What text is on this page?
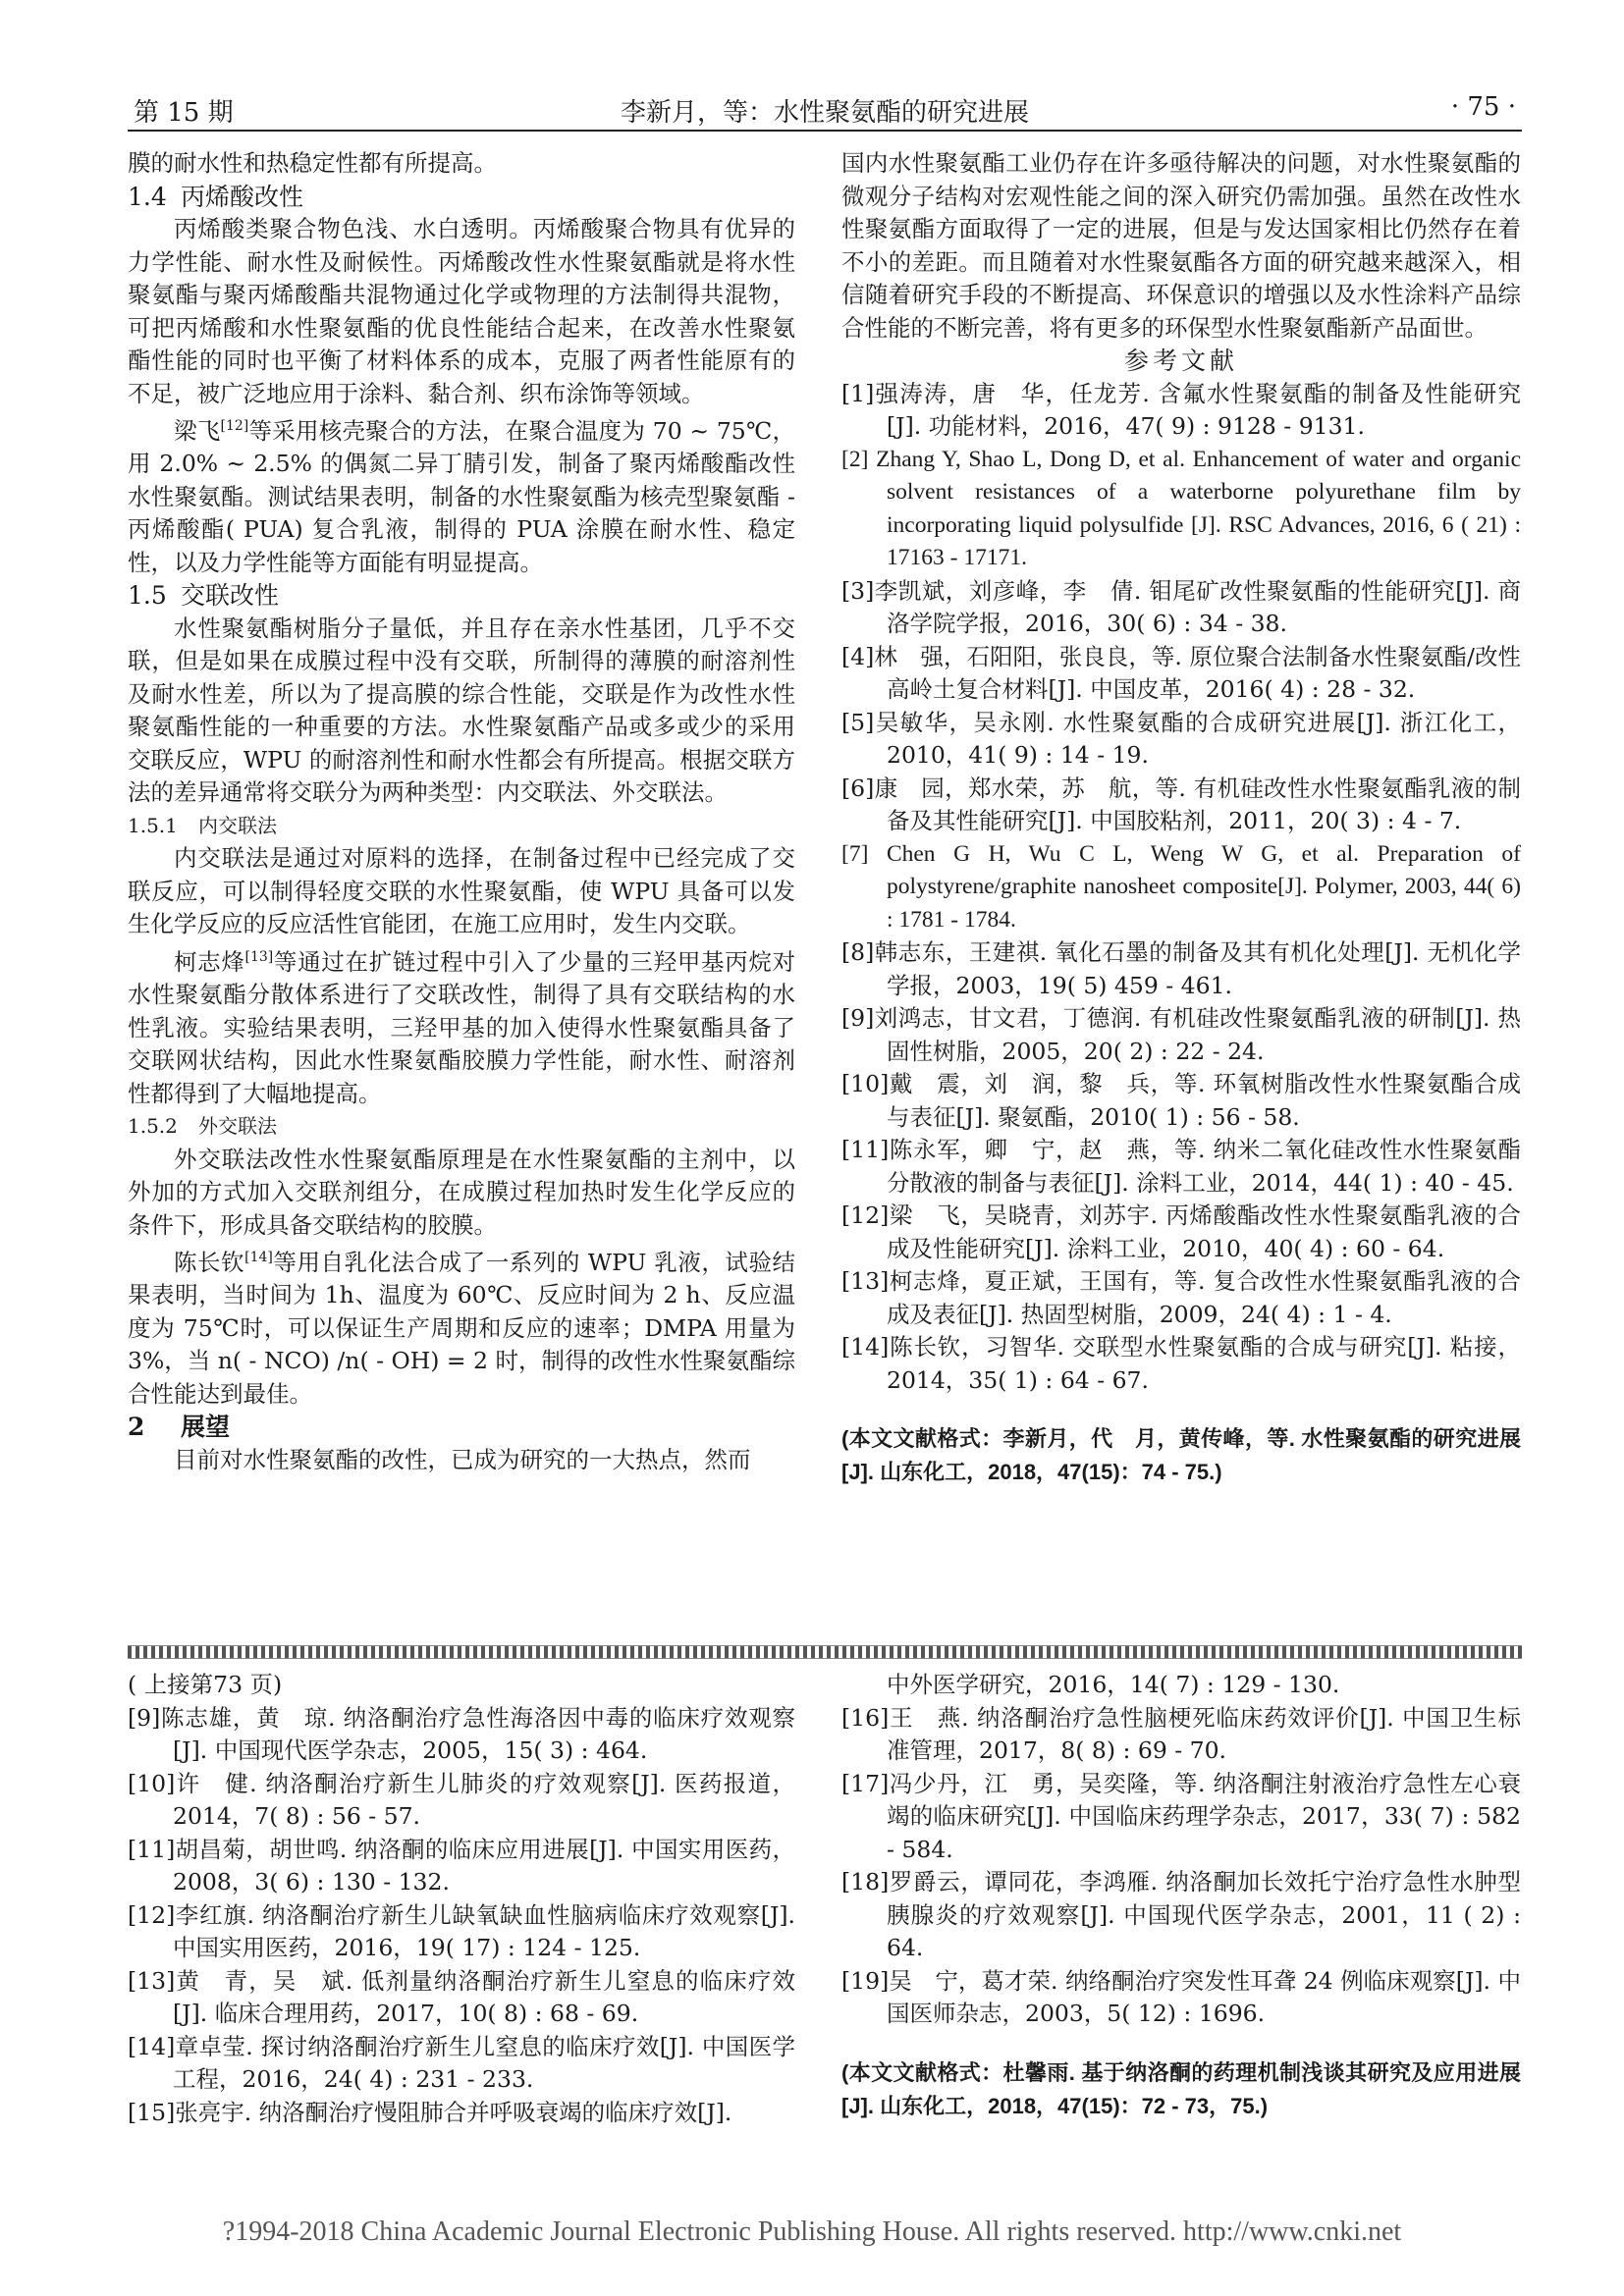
第 15 期	李新月，等：水性聚氨酯的研究进展	· 75 ·

膜的耐水性和热稳定性都有所提高。

1.4 丙烯酸改性

丙烯酸类聚合物色浅、水白透明。丙烯酸聚合物具有优异的力学性能、耐水性及耐候性。丙烯酸改性水性聚氨酯就是将水性聚氨酯与聚丙烯酸酯共混物通过化学或物理的方法制得共混物，可把丙烯酸和水性聚氨酯的优良性能结合起来，在改善水性聚氨酯性能的同时也平衡了材料体系的成本，克服了两者性能原有的不足，被广泛地应用于涂料、黏合剂、织布涂饰等领域。

梁飞[12]等采用核壳聚合的方法，在聚合温度为 70 ~ 75℃，用 2.0% ~ 2.5% 的偶氮二异丁腈引发，制备了聚丙烯酸酯改性水性聚氨酯。测试结果表明，制备的水性聚氨酯为核壳型聚氨酯 - 丙烯酸酯( PUA) 复合乳液，制得的 PUA 涂膜在耐水性、稳定性，以及力学性能等方面能有明显提高。

1.5 交联改性

水性聚氨酯树脂分子量低，并且存在亲水性基团，几乎不交联，但是如果在成膜过程中没有交联，所制得的薄膜的耐溶剂性及耐水性差，所以为了提高膜的综合性能，交联是作为改性水性聚氨酯性能的一种重要的方法。水性聚氨酯产品或多或少的采用交联反应，WPU 的耐溶剂性和耐水性都会有所提高。根据交联方法的差异通常将交联分为两种类型：内交联法、外交联法。

1.5.1 内交联法

内交联法是通过对原料的选择，在制备过程中已经完成了交联反应，可以制得轻度交联的水性聚氨酯，使 WPU 具备可以发生化学反应的反应活性官能团，在施工应用时，发生内交联。

柯志烽[13]等通过在扩链过程中引入了少量的三羟甲基丙烷对水性聚氨酯分散体系进行了交联改性，制得了具有交联结构的水性乳液。实验结果表明，三羟甲基的加入使得水性聚氨酯具备了交联网状结构，因此水性聚氨酯胶膜力学性能，耐水性、耐溶剂性都得到了大幅地提高。

1.5.2 外交联法

外交联法改性水性聚氨酯原理是在水性聚氨酯的主剂中，以外加的方式加入交联剂组分，在成膜过程加热时发生化学反应的条件下，形成具备交联结构的胶膜。

陈长钦[14]等用自乳化法合成了一系列的 WPU 乳液，试验结果表明，当时间为 1h、温度为 60℃、反应时间为 2 h、反应温度为 75℃时，可以保证生产周期和反应的速率；DMPA 用量为 3%，当 n( - NCO) /n( - OH) = 2 时，制得的改性水性聚氨酯综合性能达到最佳。

2 展望

目前对水性聚氨酯的改性，已成为研究的一大热点，然而

国内水性聚氨酯工业仍存在许多亟待解决的问题，对水性聚氨酯的微观分子结构对宏观性能之间的深入研究仍需加强。虽然在改性水性聚氨酯方面取得了一定的进展，但是与发达国家相比仍然存在着不小的差距。而且随着对水性聚氨酯各方面的研究越来越深入，相信随着研究手段的不断提高、环保意识的增强以及水性涂料产品综合性能的不断完善，将有更多的环保型水性聚氨酯新产品面世。

参考文献

[1]强涛涛，唐　华，任龙芳. 含氟水性聚氨酯的制备及性能研究[J]. 功能材料，2016，47( 9) : 9128 - 9131.

[2] Zhang Y, Shao L, Dong D, et al. Enhancement of water and organic solvent resistances of a waterborne polyurethane film by incorporating liquid polysulfide [J]. RSC Advances, 2016, 6 ( 21) : 17163 - 17171.

[3]李凯斌，刘彦峰，李　倩. 钼尾矿改性聚氨酯的性能研究[J]. 商洛学院学报，2016，30( 6) : 34 - 38.

[4]林　强，石阳阳，张良良，等. 原位聚合法制备水性聚氨酯/改性高岭土复合材料[J]. 中国皮革，2016( 4) : 28 - 32.

[5]吴敏华，吴永刚. 水性聚氨酯的合成研究进展[J]. 浙江化工，2010，41( 9) : 14 - 19.

[6]康　园，郑水荣，苏　航，等. 有机硅改性水性聚氨酯乳液的制备及其性能研究[J]. 中国胶粘剂，2011，20( 3) : 4 - 7.

[7] Chen G H, Wu C L, Weng W G, et al. Preparation of polystyrene/graphite nanosheet composite[J]. Polymer, 2003, 44( 6) : 1781 - 1784.

[8]韩志东，王建祺. 氧化石墨的制备及其有机化处理[J]. 无机化学学报，2003，19( 5) 459 - 461.

[9]刘鸿志，甘文君，丁德润. 有机硅改性聚氨酯乳液的研制[J]. 热固性树脂，2005，20( 2) : 22 - 24.

[10]戴　震，刘　润，黎　兵，等. 环氧树脂改性水性聚氨酯合成与表征[J]. 聚氨酯，2010( 1) : 56 - 58.

[11]陈永军，卿　宁，赵　燕，等. 纳米二氧化硅改性水性聚氨酯分散液的制备与表征[J]. 涂料工业，2014，44( 1) : 40 - 45.

[12]梁　飞，吴晓青，刘苏宇. 丙烯酸酯改性水性聚氨酯乳液的合成及性能研究[J]. 涂料工业，2010，40( 4) : 60 - 64.

[13]柯志烽，夏正斌，王国有，等. 复合改性水性聚氨酯乳液的合成及表征[J]. 热固型树脂，2009，24( 4) : 1 - 4.

[14]陈长钦，习智华. 交联型水性聚氨酯的合成与研究[J]. 粘接，2014，35( 1) : 64 - 67.

(本文文献格式：李新月，代　月，黄传峰，等. 水性聚氨酯的研究进展 [J]. 山东化工，2018，47(15)：74 - 75.)

( 上接第73 页)

[9]陈志雄，黄　琼. 纳洛酮治疗急性海洛因中毒的临床疗效观察[J]. 中国现代医学杂志，2005，15( 3) : 464.

[10]许　健. 纳洛酮治疗新生儿肺炎的疗效观察[J]. 医药报道，2014，7( 8) : 56 - 57.

[11]胡昌菊，胡世鸣. 纳洛酮的临床应用进展[J]. 中国实用医药，2008，3( 6) : 130 - 132.

[12]李红旗. 纳洛酮治疗新生儿缺氧缺血性脑病临床疗效观察[J]. 中国实用医药，2016，19( 17) : 124 - 125.

[13]黄　青，吴　斌. 低剂量纳洛酮治疗新生儿窒息的临床疗效[J]. 临床合理用药，2017，10( 8) : 68 - 69.

[14]章卓莹. 探讨纳洛酮治疗新生儿窒息的临床疗效[J]. 中国医学工程，2016，24( 4) : 231 - 233.

[15]张亮宇. 纳洛酮治疗慢阻肺合并呼吸衰竭的临床疗效[J].

中外医学研究，2016，14( 7) : 129 - 130.

[16]王　燕. 纳洛酮治疗急性脑梗死临床药效评价[J]. 中国卫生标准管理，2017，8( 8) : 69 - 70.

[17]冯少丹，江　勇，吴奕隆，等. 纳洛酮注射液治疗急性左心衰竭的临床研究[J]. 中国临床药理学杂志，2017，33( 7) : 582 - 584.

[18]罗爵云，谭同花，李鸿雁. 纳洛酮加长效托宁治疗急性水肿型胰腺炎的疗效观察[J]. 中国现代医学杂志，2001，11 ( 2) : 64.

[19]吴　宁，葛才荣. 纳络酮治疗突发性耳聋 24 例临床观察[J]. 中国医师杂志，2003，5( 12) : 1696.

(本文文献格式：杜馨雨. 基于纳洛酮的药理机制浅谈其研究及应用进展 [J]. 山东化工，2018，47(15)：72 - 73，75.)

?1994-2018 China Academic Journal Electronic Publishing House. All rights reserved. http://www.cnki.net
